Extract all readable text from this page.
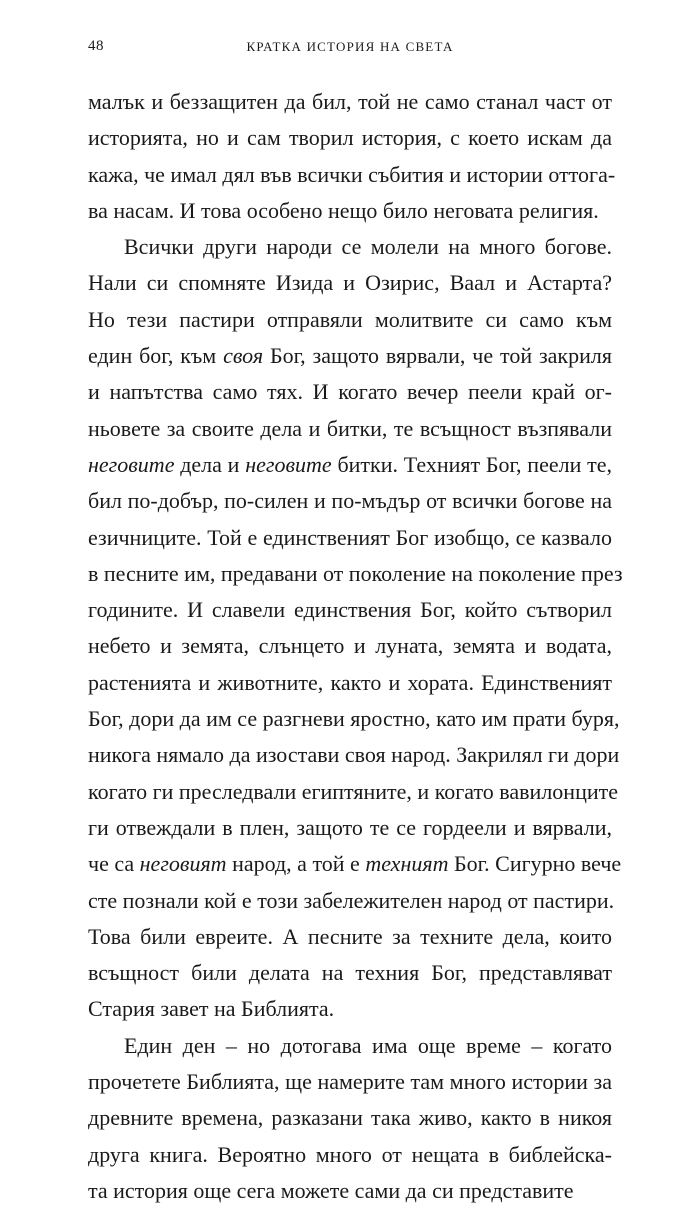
48	КРАТКА ИСТОРИЯ НА СВЕТА
малък и беззащитен да бил, той не само станал част от
историята, но и сам творил история, с което искам да
кажа, че имал дял във всички събития и истории оттога-
ва насам. И това особено нещо било неговата религия.
Всички други народи се молели на много богове.
Нали си спомняте Изида и Озирис, Ваал и Астарта?
Но тези пастири отправяли молитвите си само към
един бог, към своя Бог, защото вярвали, че той закриля
и напътства само тях. И когато вечер пеели край ог-
ньовете за своите дела и битки, те всъщност възпявали
неговите дела и неговите битки. Техният Бог, пеели те,
бил по-добър, по-силен и по-мъдър от всички богове на
езичниците. Той е единственият Бог изобщо, се казвало
в песните им, предавани от поколение на поколение през
годините. И славели единствения Бог, който сътворил
небето и земята, слънцето и луната, земята и водата,
растенията и животните, както и хората. Единственият
Бог, дори да им се разгневи яростно, като им прати буря,
никога нямало да изостави своя народ. Закрилял ги дори
когато ги преследвали египтяните, и когато вавилонците
ги отвеждали в плен, защото те се гордеели и вярвали,
че са неговият народ, а той е техният Бог. Сигурно вече
сте познали кой е този забележителен народ от пастири.
Това били евреите. А песните за техните дела, които
всъщност били делата на техния Бог, представляват
Стария завет на Библията.
Един ден – но дотогава има още време – когато
прочетете Библията, ще намерите там много истории за
древните времена, разказани така живо, както в никоя
друга книга. Вероятно много от нещата в библейска-
та история още сега можете сами да си представите
